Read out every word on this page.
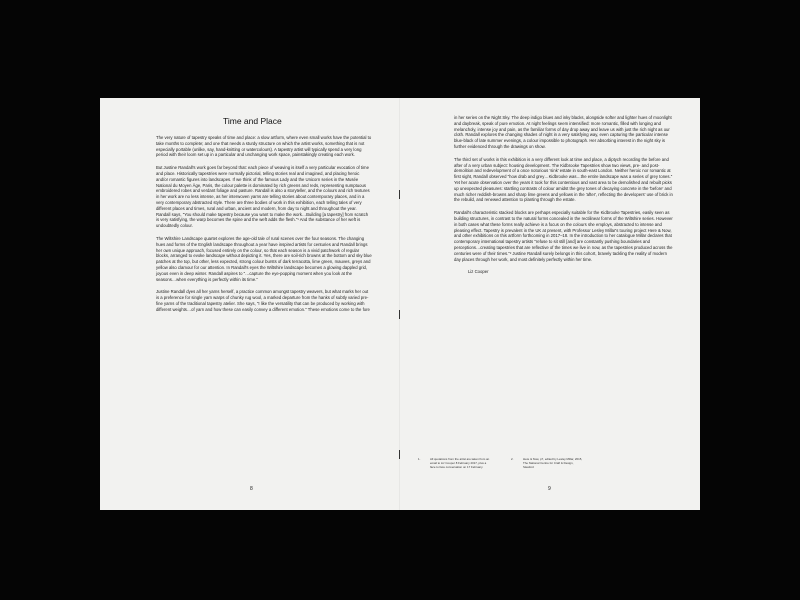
Time and Place

The very nature of tapestry speaks of time and place: a slow artform, where even small works have the potential to take months to complete; and one that needs a sturdy structure on which the artist works, something that is not especially portable (unlike, say, hand-knitting or watercolours). A tapestry artist will typically spend a very long period with their loom set up in a particular and unchanging work space, painstakingly creating each work.

But Justine Randall's work goes far beyond that: each piece of weaving is itself a very particular evocation of time and place. Historically tapestries were normally pictorial, telling stories real and imagined, and placing heroic and/or romantic figures into landscapes. If we think of the famous Lady and the Unicorn series in the Musée National du Moyen Âge, Paris, the colour palette is dominated by rich greens and reds, representing sumptuous embroidered robes and verdant foliage and pasture. Randall is also a storyteller, and the colours and rich textures in her work are no less intense, as her interwoven yarns are telling stories about contemporary places, and in a very contemporary abstracted style. There are three bodies of work in this exhibition, each telling tales of very different places and times, rural and urban, ancient and modern, from day to night and throughout the year. Randall says, "You should make tapestry because you want to make the work…Building [a tapestry] from scratch is very satisfying, the warp becomes the spine and the weft adds the flesh."¹ And the substance of her weft is undoubtedly colour.

The Wiltshire Landscape quartet explores the age-old tale of rural scenes over the four seasons. The changing hues and forms of the English landscape throughout a year have inspired artists for centuries and Randall brings her own unique approach, focused entirely on the colour, so that each season is a vivid patchwork of regular blocks, arranged to evoke landscape without depicting it. Yes, there are soil-rich browns at the bottom and sky blue patches at the top, but other, less expected, strong colour bursts of dark terracotta, lime green, mauves, greys and yellow also clamour for our attention. In Randall's eyes the Wiltshire landscape becomes a glowing dappled grid, joyous even in deep winter. Randall aspires to "…capture the eye-popping moment when you look at the seasons…when everything is perfectly within its time."

Justine Randall dyes all her yarns herself, a practice common amongst tapestry weavers, but what marks her out is a preference for single yarn warps of chunky rug wool, a marked departure from the hanks of subtly varied pre-fine yarns of the traditional tapestry atelier. She says, "I like the versatility that can be produced by working with different weights…of yarn and how these can easily convey a different emotion." These emotions come to the fore

8

in her series on the Night Sky. The deep indigo blues and inky blacks, alongside softer and lighter hues of moonlight and daybreak, speak of pure emotion. At night feelings seem intensified: more romantic, filled with longing and melancholy, intense joy and pain, as the familiar forms of day drop away and leave us with just the rich night as our cloth. Randall explores the changing shades of night in a very satisfying way, even capturing the particular intense blue-black of late summer evenings, a colour impossible to photograph. Her absorbing interest in the night sky is further evidenced through the drawings on show.

The third set of works in this exhibition is a very different look at time and place, a diptych recording the before and after of a very urban subject: housing development. The Kidbrooke Tapestries show two views, pre- and post-demolition and redevelopment of a once notorious 'sink' estate in south-east London. Neither heroic nor romantic at first sight, Randall observed "how drab and grey…Kidbrooke was…the entire landscape was a series of grey tones." Yet her acute observation over the years it took for this contentious and vast area to be demolished and rebuilt picks up unexpected pleasures: startling contrasts of colour amidst the grey tones of decaying concrete in the 'before' and much richer reddish-browns and sharp lime greens and yellows in the 'after', reflecting the developers' use of brick in the rebuild, and renewed attention to planting through the estate.

Randall's characteristic stacked blocks are perhaps especially suitable for the Kidbrooke Tapestries, easily seen as building structures, in contrast to the natural forms concealed in the rectilinear forms of the Wiltshire series. However in both cases what these forms really achieve is a focus on the colours she employs, abstracted to intense and pleasing effect. Tapestry is prevalent in the UK at present, with Professor Lesley Millar's touring project Here & Now, and other exhibitions on this artform forthcoming in 2017–18. In the introduction to her catalogue Millar declares that contemporary international tapestry artists "refuse to sit still [and] are constantly pushing boundaries and perceptions…creating tapestries that are reflective of the times we live in now, as the tapestries produced across the centuries were of their times."² Justine Randall surely belongs in this cohort, bravely tackling the reality of modern day places through her work, and most definitely perfectly within her time.

Liz Cooper

1.	All quotations from the artist are taken from an email to Liz Cooper 8 February 2017, plus a face to face conversation on 17 February.
2.	Here & Now, p7, edited by Lesley Millar, 2015, The National Centre for Craft & Design, Sleaford
9
